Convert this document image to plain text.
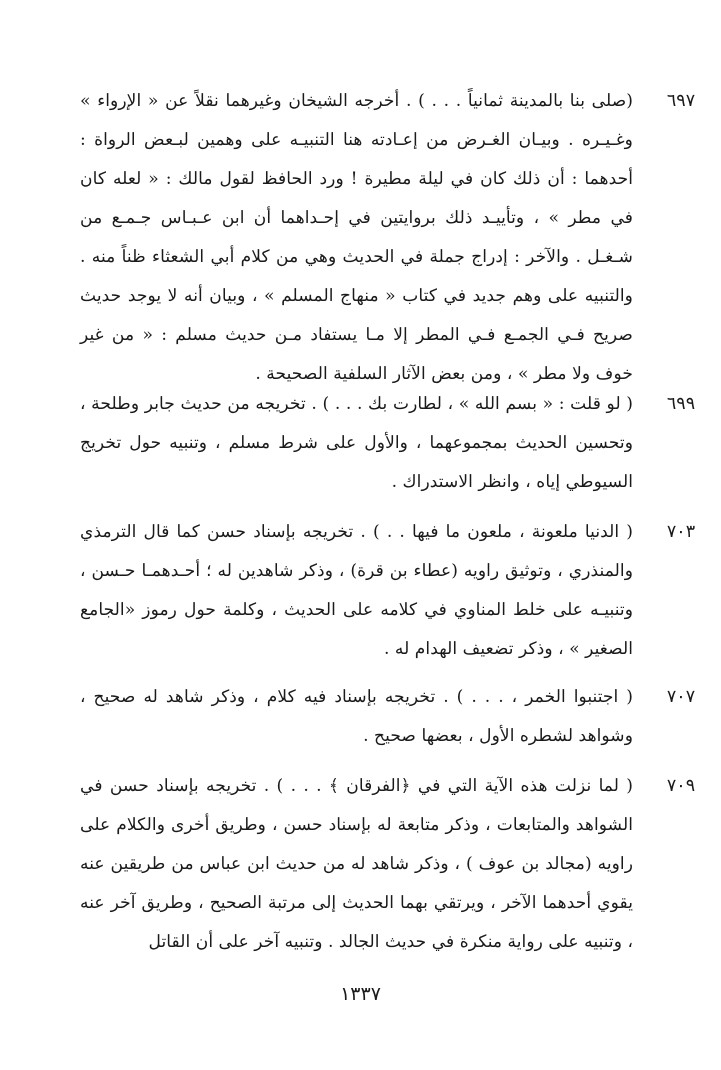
٦٩٧
(صلى بنا بالمدينة ثمانياً . . . ) . أخرجه الشيخان وغيرهما نقلاً عن « الإرواء » وغـيـره . وبيـان الغـرض من إعـادته هنا التنبيـه على وهمين لبـعض الرواة : أحدهما : أن ذلك كان في ليلة مطيرة ! ورد الحافظ لقول مالك : « لعله كان في مطر » ، وتأييـد ذلك بروايتين في إحـداهما أن ابن عـبـاس جـمـع من شـغـل . والآخر : إدراج جملة في الحديث وهي من كلام أبي الشعثاء ظناً منه . والتنبيه على وهم جديد في كتاب « منهاج المسلم » ، وبيان أنه لا يوجد حديث صريح فـي الجمـع فـي المطر إلا مـا يستفاد مـن حديث مسلم : « من غير خوف ولا مطر » ، ومن بعض الآثار السلفية الصحيحة .
٦٩٩
( لو قلت : « بسم الله » ، لطارت بك . . . ) . تخريجه من حديث جابر وطلحة ، وتحسين الحديث بمجموعهما ، والأول على شرط مسلم ، وتنبيه حول تخريج السيوطي إياه ، وانظر الاستدراك .
٧٠٣
( الدنيا ملعونة ، ملعون ما فيها . . ) . تخريجه بإسناد حسن كما قال الترمذي والمنذري ، وتوثيق راويه (عطاء بن قرة) ، وذكر شاهدين له ؛ أحـدهمـا حـسن ، وتنبيـه على خلط المناوي في كلامه على الحديث ، وكلمة حول رموز «الجامع الصغير » ، وذكر تضعيف الهدام له .
٧٠٧
( اجتنبوا الخمر ، . . . ) . تخريجه بإسناد فيه كلام ، وذكر شاهد له صحيح ، وشواهد لشطره الأول ، بعضها صحيح .
٧٠٩
( لما نزلت هذه الآية التي في ﴿الفرقان ﴾ . . . ) . تخريجه بإسناد حسن في الشواهد والمتابعات ، وذكر متابعة له بإسناد حسن ، وطريق أخرى والكلام على راويه (مجالد بن عوف ) ، وذكر شاهد له من حديث ابن عباس من طريقين عنه يقوي أحدهما الآخر ، ويرتقي بهما الحديث إلى مرتبة الصحيح ، وطريق آخر عنه ، وتنبيه على رواية منكرة في حديث الجالد . وتنبيه آخر على أن القاتل
١٣٣٧
